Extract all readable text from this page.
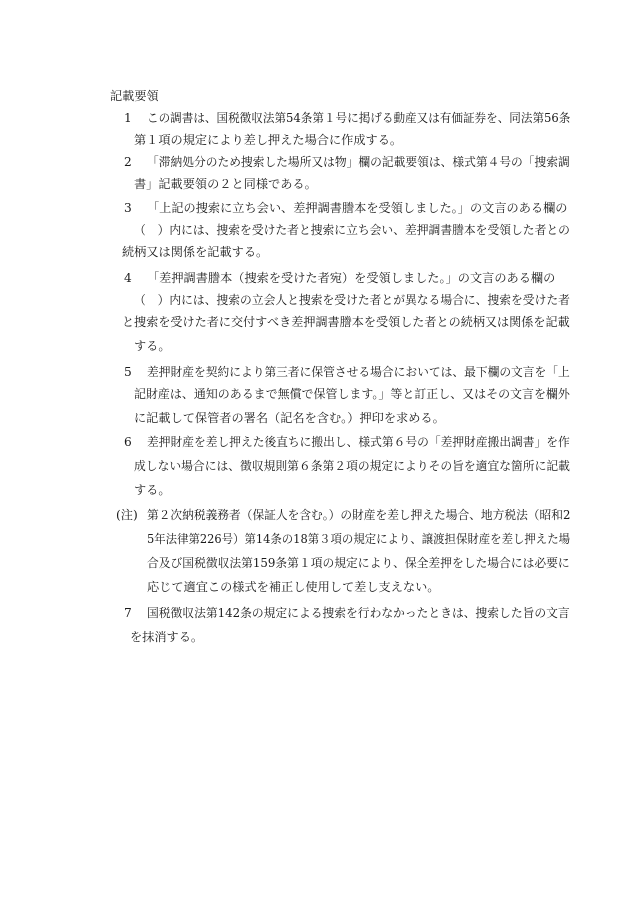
記載要領
1 この調書は、国税徴収法第54条第１号に掲げる動産又は有価証券を、同法第56条
第１項の規定により差し押えた場合に作成する。
2 「滞納処分のため捜索した場所又は物」欄の記載要領は、様式第４号の「捜索調
書」記載要領の２と同様である。
3 「上記の捜索に立ち会い、差押調書謄本を受領しました。」の文言のある欄の
（　）内には、捜索を受けた者と捜索に立ち会い、差押調書謄本を受領した者との
続柄又は関係を記載する。
4 「差押調書謄本（捜索を受けた者宛）を受領しました。」の文言のある欄の
（　）内には、捜索の立会人と捜索を受けた者とが異なる場合に、捜索を受けた者
と捜索を受けた者に交付すべき差押調書謄本を受領した者との続柄又は関係を記載
する。
5 差押財産を契約により第三者に保管させる場合においては、最下欄の文言を「上
記財産は、通知のあるまで無償で保管します。」等と訂正し、又はその文言を欄外
に記載して保管者の署名（記名を含む。）押印を求める。
6 差押財産を差し押えた後直ちに搬出し、様式第６号の「差押財産搬出調書」を作
成しない場合には、徴収規則第６条第２項の規定によりその旨を適宜な箇所に記載
する。
(注) 第２次納税義務者（保証人を含む。）の財産を差し押えた場合、地方税法（昭和2
5年法律第226号）第14条の18第３項の規定により、譲渡担保財産を差し押えた場
合及び国税徴収法第159条第１項の規定により、保全差押をした場合には必要に
応じて適宜この様式を補正し使用して差し支えない。
7 国税徴収法第142条の規定による捜索を行わなかったときは、捜索した旨の文言
を抹消する。
